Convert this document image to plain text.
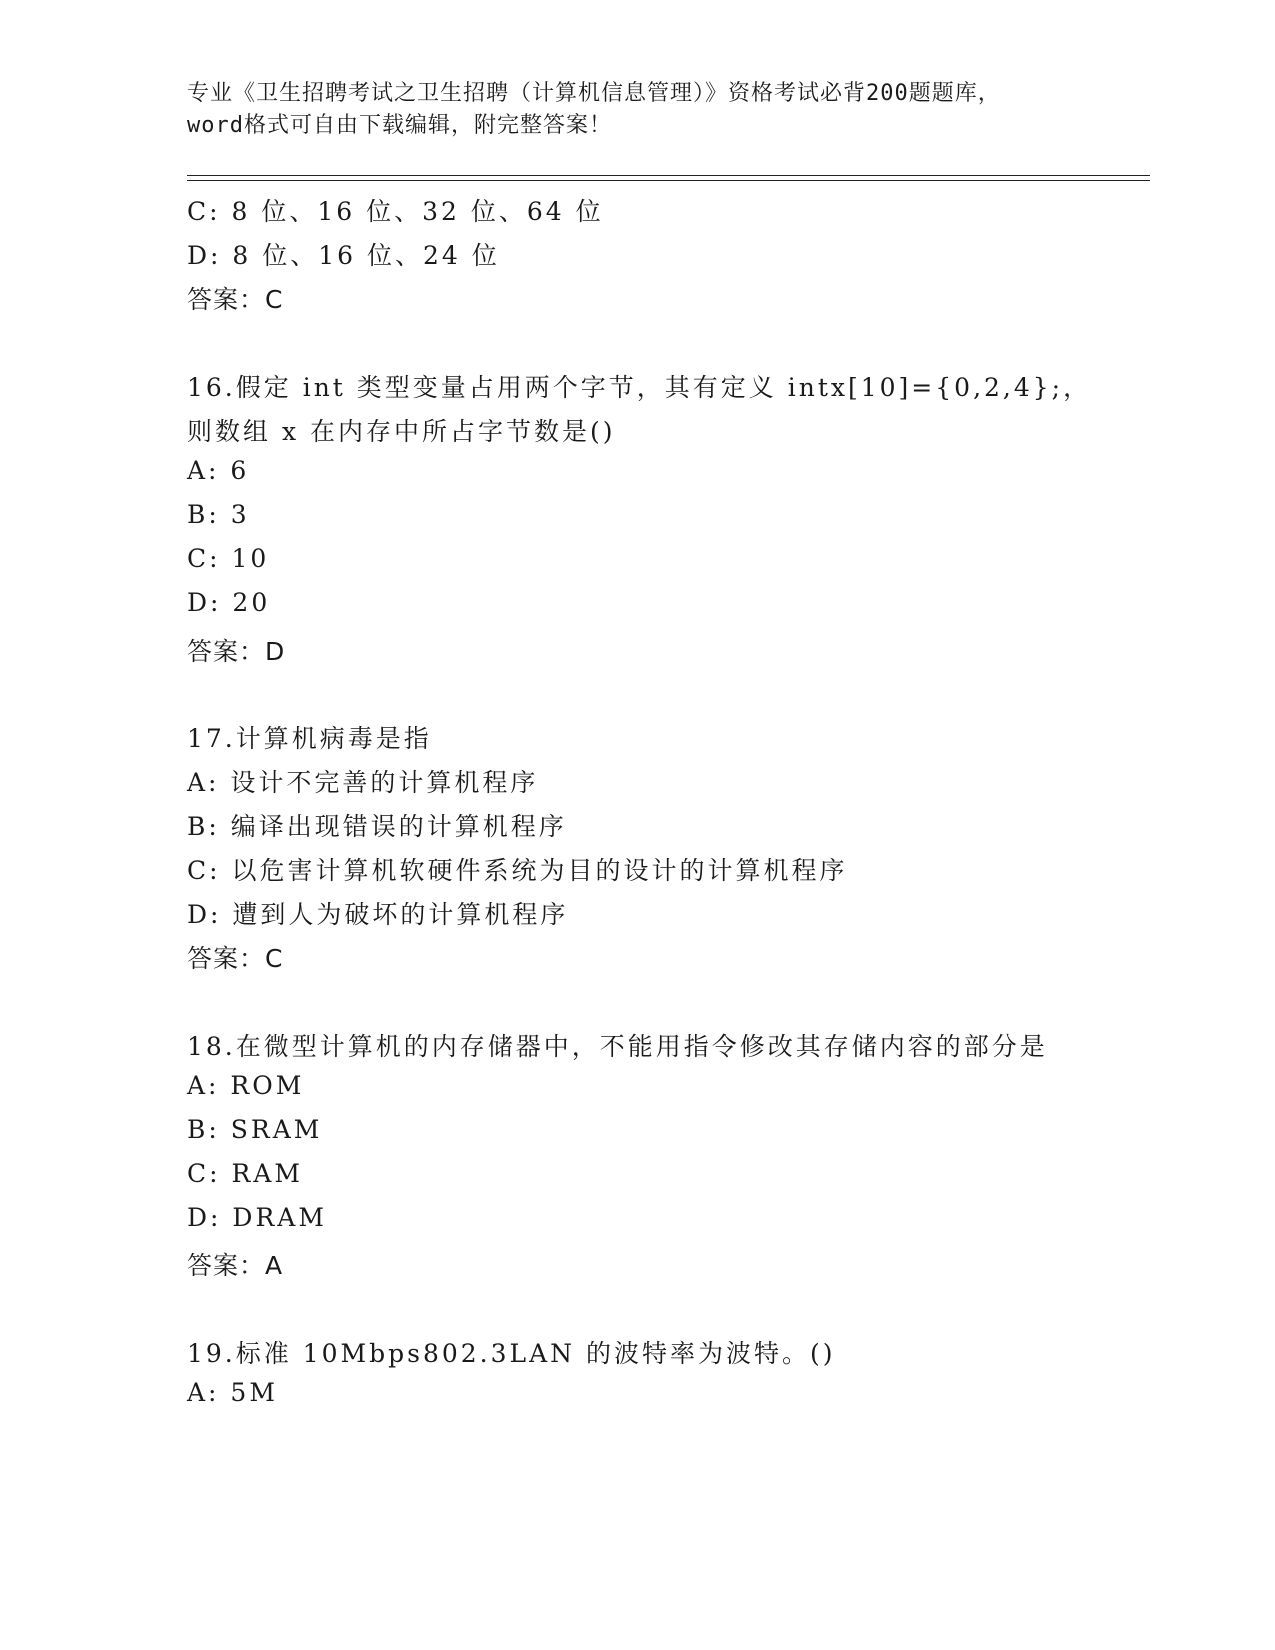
专业《卫生招聘考试之卫生招聘（计算机信息管理）》资格考试必背200题题库，
word格式可自由下载编辑，附完整答案！
C: 8 位、16 位、32 位、64 位
D: 8 位、16 位、24 位
答案：C
16.假定 int 类型变量占用两个字节，其有定义 intx[10]={0,2,4};，
则数组 x 在内存中所占字节数是()
A: 6
B: 3
C: 10
D: 20
答案：D
17.计算机病毒是指
A: 设计不完善的计算机程序
B: 编译出现错误的计算机程序
C: 以危害计算机软硬件系统为目的设计的计算机程序
D: 遭到人为破坏的计算机程序
答案：C
18.在微型计算机的内存储器中，不能用指令修改其存储内容的部分是
A: ROM
B: SRAM
C: RAM
D: DRAM
答案：A
19.标准 10Mbps802.3LAN 的波特率为波特。()
A: 5M
